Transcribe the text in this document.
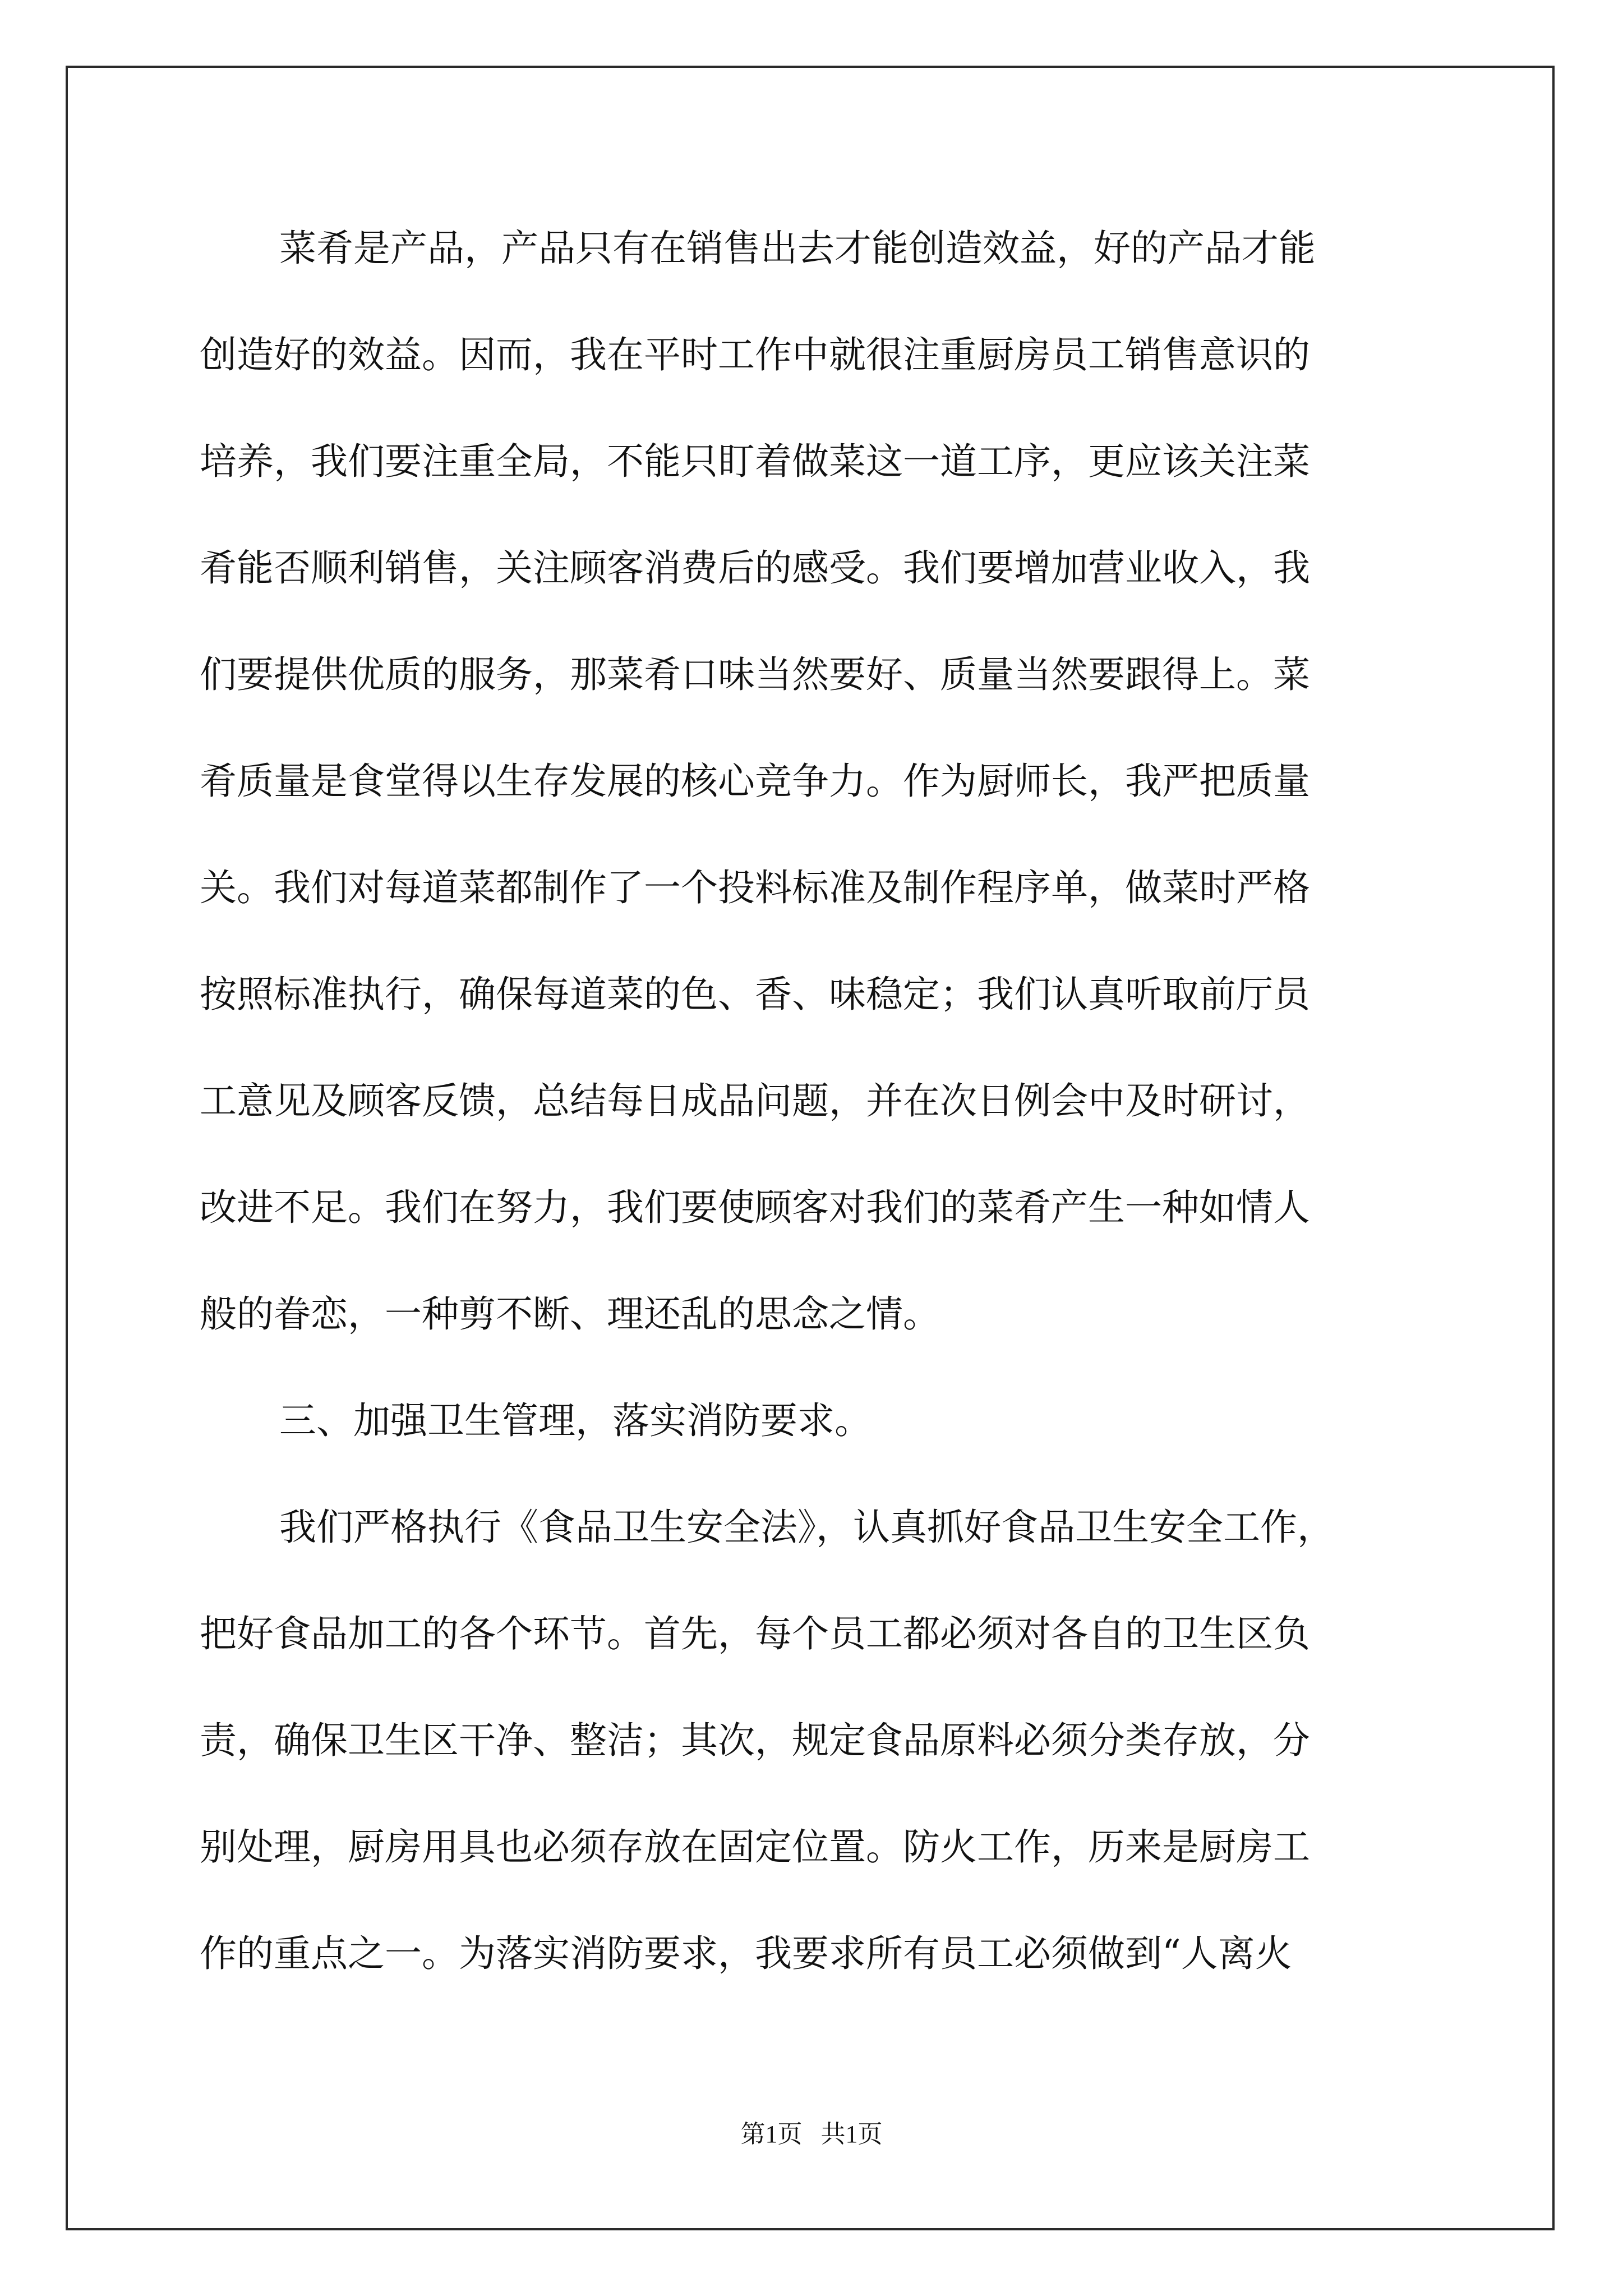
菜肴是产品，产品只有在销售出去才能创造效益，好的产品才能
创造好的效益。因而，我在平时工作中就很注重厨房员工销售意识的
培养，我们要注重全局，不能只盯着做菜这一道工序，更应该关注菜
肴能否顺利销售，关注顾客消费后的感受。我们要增加营业收入，我
们要提供优质的服务，那菜肴口味当然要好、质量当然要跟得上。菜
肴质量是食堂得以生存发展的核心竞争力。作为厨师长，我严把质量
关。我们对每道菜都制作了一个投料标准及制作程序单，做菜时严格
按照标准执行，确保每道菜的色、香、味稳定；我们认真听取前厅员
工意见及顾客反馈，总结每日成品问题，并在次日例会中及时研讨，
改进不足。我们在努力，我们要使顾客对我们的菜肴产生一种如情人
般的眷恋，一种剪不断、理还乱的思念之情。
三、加强卫生管理，落实消防要求。
我们严格执行《食品卫生安全法》，认真抓好食品卫生安全工作，
把好食品加工的各个环节。首先，每个员工都必须对各自的卫生区负
责，确保卫生区干净、整洁；其次，规定食品原料必须分类存放，分
别处理，厨房用具也必须存放在固定位置。防火工作，历来是厨房工
作的重点之一。为落实消防要求，我要求所有员工必须做到“人离火
第1页   共1页
